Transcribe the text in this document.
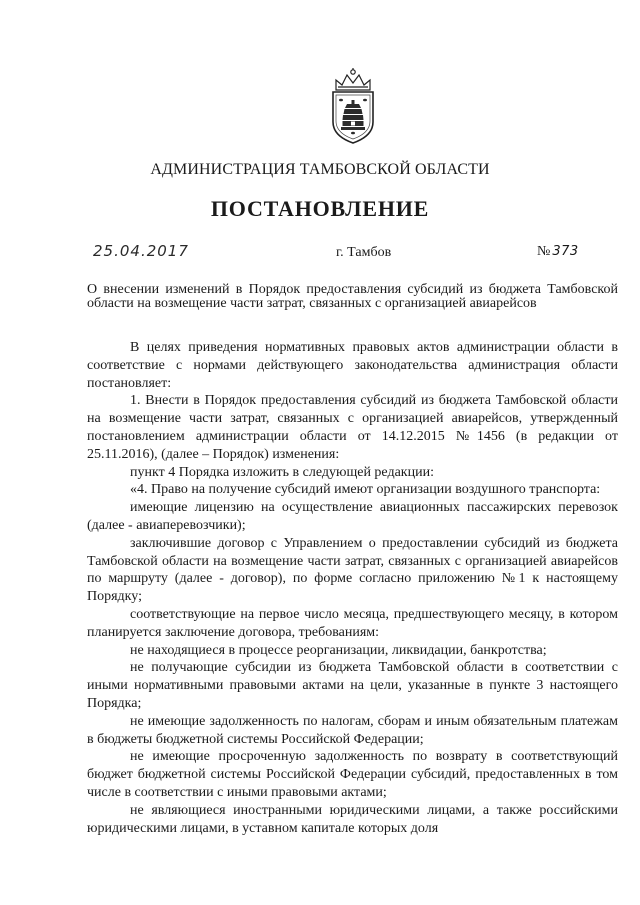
АДМИНИСТРАЦИЯ ТАМБОВСКОЙ ОБЛАСТИ
ПОСТАНОВЛЕНИЕ
25.04.2017	г. Тамбов	№ 373
О внесении изменений в Порядок предоставления субсидий из бюджета Тамбовской области на возмещение части затрат, связанных с организацией авиарейсов

В целях приведения нормативных правовых актов администрации области в соответствие с нормами действующего законодательства администрация области постановляет:

1. Внести в Порядок предоставления субсидий из бюджета Тамбовской области на возмещение части затрат, связанных с организацией авиарейсов, утвержденный постановлением администрации области от 14.12.2015 №1456 (в редакции от 25.11.2016), (далее – Порядок) изменения:

пункт 4 Порядка изложить в следующей редакции:

«4. Право на получение субсидий имеют организации воздушного транспорта:

имеющие лицензию на осуществление авиационных пассажирских перевозок (далее - авиаперевозчики);

заключившие договор с Управлением о предоставлении субсидий из бюджета Тамбовской области на возмещение части затрат, связанных с организацией авиарейсов по маршруту (далее - договор), по форме согласно приложению №1 к настоящему Порядку;

соответствующие на первое число месяца, предшествующего месяцу, в котором планируется заключение договора, требованиям:

не находящиеся в процессе реорганизации, ликвидации, банкротства;

не получающие субсидии из бюджета Тамбовской области в соответствии с иными нормативными правовыми актами на цели, указанные в пункте 3 настоящего Порядка;

не имеющие задолженность по налогам, сборам и иным обязательным платежам в бюджеты бюджетной системы Российской Федерации;

не имеющие просроченную задолженность по возврату в соответствующий бюджет бюджетной системы Российской Федерации субсидий, предоставленных в том числе в соответствии с иными правовыми актами;

не являющиеся иностранными юридическими лицами, а также российскими юридическими лицами, в уставном капитале которых доля
